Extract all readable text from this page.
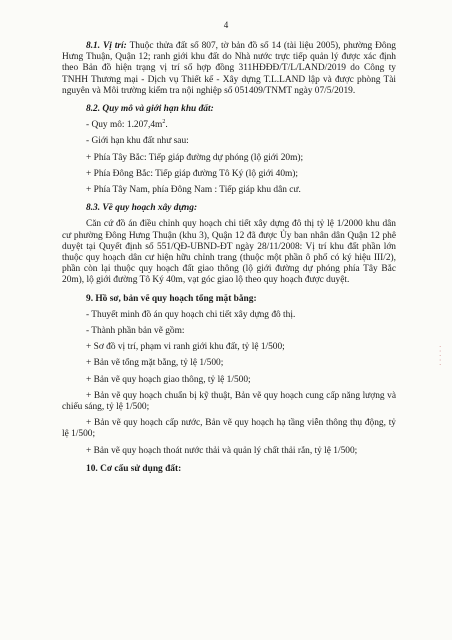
4

8.1. Vị trí: Thuộc thửa đất số 807, tờ bản đồ số 14 (tài liệu 2005), phường Đông Hưng Thuận, Quận 12; ranh giới khu đất do Nhà nước trực tiếp quản lý được xác định theo Bản đồ hiện trạng vị trí số hợp đồng 311HĐĐĐ/T/L/LAND/2019 do Công ty TNHH Thương mại - Dịch vụ Thiết kế - Xây dựng T.L.LAND lập và được phòng Tài nguyên và Môi trường kiểm tra nội nghiệp số 051409/TNMT ngày 07/5/2019.

8.2. Quy mô và giới hạn khu đất:

- Quy mô: $1.207,4m^2$.

- Giới hạn khu đất như sau:

+ Phía Tây Bắc: Tiếp giáp đường dự phóng (lộ giới 20m);

+ Phía Đông Bắc: Tiếp giáp đường Tô Ký (lộ giới 40m);

+ Phía Tây Nam, phía Đông Nam : Tiếp giáp khu dân cư.

8.3. Về quy hoạch xây dựng:

Căn cứ đồ án điều chỉnh quy hoạch chi tiết xây dựng đô thị tỷ lệ 1/2000 khu dân cư phường Đông Hưng Thuận (khu 3), Quận 12 đã được Ủy ban nhân dân Quận 12 phê duyệt tại Quyết định số 551/QĐ-UBND-ĐT ngày 28/11/2008: Vị trí khu đất phần lớn thuộc quy hoạch dân cư hiện hữu chỉnh trang (thuộc một phần ô phố có ký hiệu III/2), phần còn lại thuộc quy hoạch đất giao thông (lộ giới đường dự phóng phía Tây Bắc 20m), lộ giới đường Tô Ký 40m, vạt góc giao lộ theo quy hoạch được duyệt.

9. Hồ sơ, bản vẽ quy hoạch tổng mặt bằng:

- Thuyết minh đồ án quy hoạch chi tiết xây dựng đô thị.

- Thành phần bản vẽ gồm:

+ Sơ đồ vị trí, phạm vi ranh giới khu đất, tỷ lệ 1/500;

+ Bản vẽ tổng mặt bằng, tỷ lệ 1/500;

+ Bản vẽ quy hoạch giao thông, tỷ lệ 1/500;

+ Bản vẽ quy hoạch chuẩn bị kỹ thuật, Bản vẽ quy hoạch cung cấp năng lượng và chiếu sáng, tỷ lệ 1/500;

+ Bản vẽ quy hoạch cấp nước, Bản vẽ quy hoạch hạ tầng viễn thông thụ động, tỷ lệ 1/500;

+ Bản vẽ quy hoạch thoát nước thải và quản lý chất thải rắn, tỷ lệ 1/500;

10. Cơ cấu sử dụng đất:

· · · · ·
